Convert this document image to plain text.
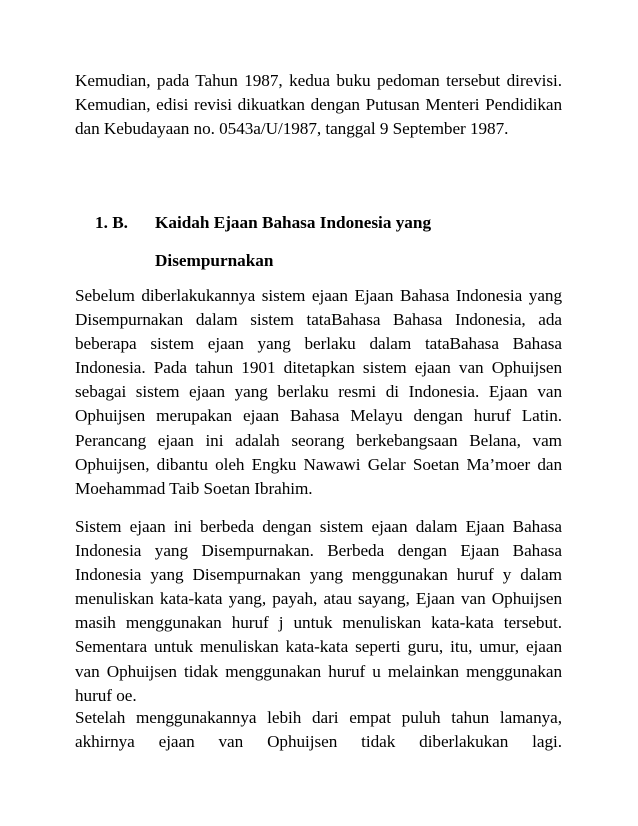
Kemudian, pada Tahun 1987, kedua buku pedoman tersebut direvisi. Kemudian, edisi revisi dikuatkan dengan Putusan Menteri Pendidikan dan Kebudayaan no. 0543a/U/1987, tanggal 9 September 1987.

1. B. Kaidah Ejaan Bahasa Indonesia yang
Disempurnakan

Sebelum diberlakukannya sistem ejaan Ejaan Bahasa Indonesia yang Disempurnakan dalam sistem tataBahasa Bahasa Indonesia, ada beberapa sistem ejaan yang berlaku dalam tataBahasa Bahasa Indonesia. Pada tahun 1901 ditetapkan sistem ejaan van Ophuijsen sebagai sistem ejaan yang berlaku resmi di Indonesia. Ejaan van Ophuijsen merupakan ejaan Bahasa Melayu dengan huruf Latin. Perancang ejaan ini adalah seorang berkebangsaan Belana, vam Ophuijsen, dibantu oleh Engku Nawawi Gelar Soetan Ma’moer dan Moehammad Taib Soetan Ibrahim.

Sistem ejaan ini berbeda dengan sistem ejaan dalam Ejaan Bahasa Indonesia yang Disempurnakan. Berbeda dengan Ejaan Bahasa Indonesia yang Disempurnakan yang menggunakan huruf y dalam menuliskan kata-kata yang, payah, atau sayang, Ejaan van Ophuijsen masih menggunakan huruf j untuk menuliskan kata-kata tersebut. Sementara untuk menuliskan kata-kata seperti guru, itu, umur, ejaan van Ophuijsen tidak menggunakan huruf u melainkan menggunakan huruf oe.

Setelah menggunakannya lebih dari empat puluh tahun lamanya, akhirnya ejaan van Ophuijsen tidak diberlakukan lagi.
